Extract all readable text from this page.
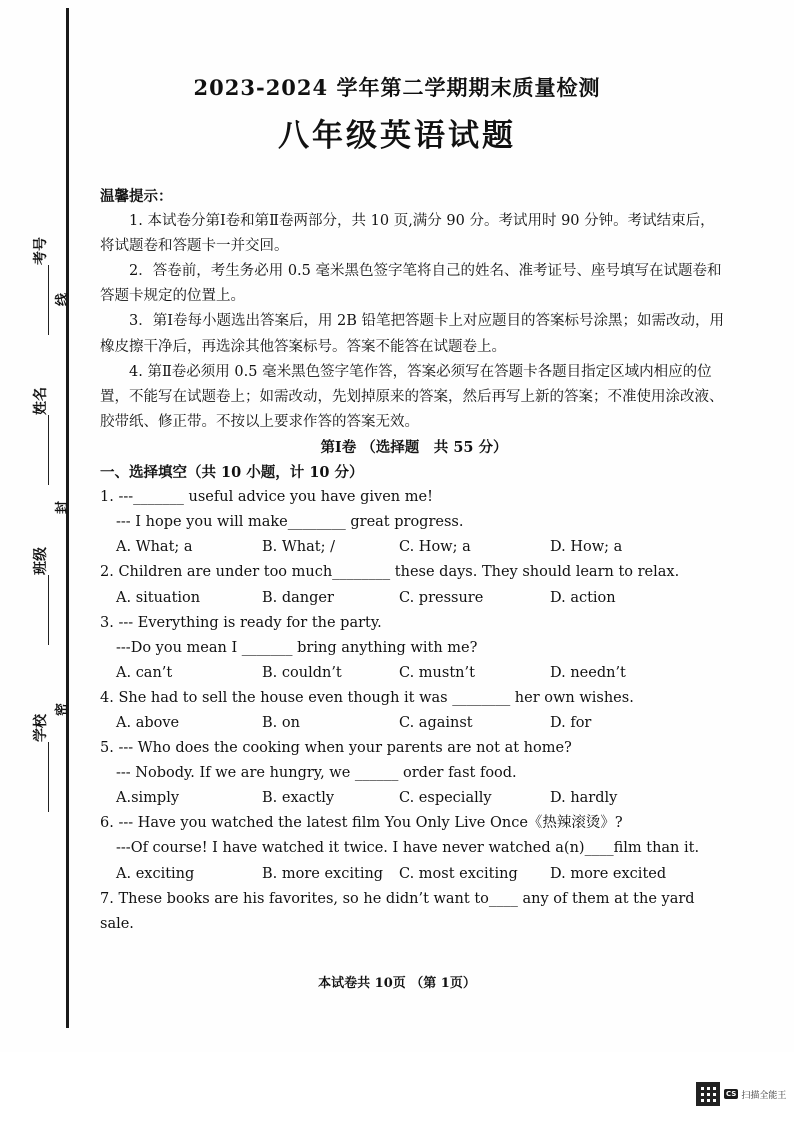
考号
姓名
班级
学校
线
封
密
2023-2024 学年第二学期期末质量检测
八年级英语试题

温馨提示：

1. 本试卷分第Ⅰ卷和第Ⅱ卷两部分，共 10 页,满分 90 分。考试用时 90 分钟。考试结束后，将试题卷和答题卡一并交回。

2．答卷前，考生务必用 0.5 毫米黑色签字笔将自己的姓名、准考证号、座号填写在试题卷和答题卡规定的位置上。

3．第Ⅰ卷每小题选出答案后，用 2B 铅笔把答题卡上对应题目的答案标号涂黑；如需改动，用橡皮擦干净后，再选涂其他答案标号。答案不能答在试题卷上。

4. 第Ⅱ卷必须用 0.5 毫米黑色签字笔作答，答案必须写在答题卡各题目指定区域内相应的位置，不能写在试题卷上；如需改动，先划掉原来的答案，然后再写上新的答案；不准使用涂改液、胶带纸、修正带。不按以上要求作答的答案无效。

第Ⅰ卷 （选择题　共 55 分）

一、选择填空（共 10 小题，计 10 分）

1. ---_______ useful advice you have given me!

--- I hope you will make________ great progress.

A. What; a	B. What; /	C. How; a	D. How; a

2. Children are under too much________ these days. They should learn to relax.

A. situation	B. danger	C. pressure	D. action

3. --- Everything is ready for the party.

---Do you mean I _______ bring anything with me?

A. can’t	B. couldn’t	C. mustn’t	D. needn’t

4. She had to sell the house even though it was ________ her own wishes.

A. above	B. on	C. against	D. for

5. --- Who does the cooking when your parents are not at home?

--- Nobody. If we are hungry, we ______ order fast food.

A.simply	B. exactly	C. especially	D. hardly

6. --- Have you watched the latest film You Only Live Once《热辣滚烫》?

---Of course! I have watched it twice. I have never watched a(n)____film than it.

A. exciting	B. more exciting	C. most exciting	D. more excited

7. These books are his favorites, so he didn’t want to____ any of them at the yard sale.

本试卷共 10页 （第 1页）
CS 扫描全能王
